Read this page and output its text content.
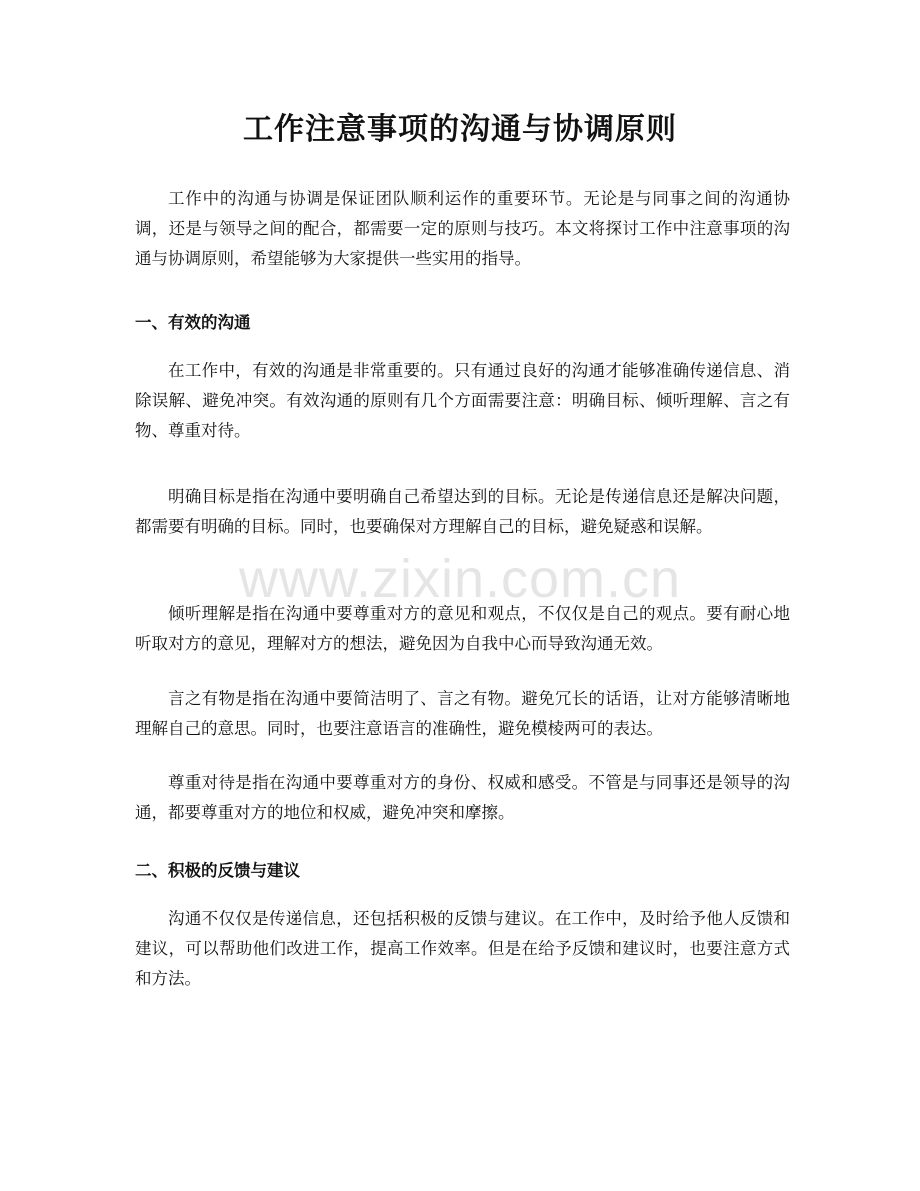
工作注意事项的沟通与协调原则

工作中的沟通与协调是保证团队顺利运作的重要环节。无论是与同事之间的沟通协调，还是与领导之间的配合，都需要一定的原则与技巧。本文将探讨工作中注意事项的沟通与协调原则，希望能够为大家提供一些实用的指导。

一、有效的沟通

在工作中，有效的沟通是非常重要的。只有通过良好的沟通才能够准确传递信息、消除误解、避免冲突。有效沟通的原则有几个方面需要注意：明确目标、倾听理解、言之有物、尊重对待。

明确目标是指在沟通中要明确自己希望达到的目标。无论是传递信息还是解决问题，都需要有明确的目标。同时，也要确保对方理解自己的目标，避免疑惑和误解。

倾听理解是指在沟通中要尊重对方的意见和观点，不仅仅是自己的观点。要有耐心地听取对方的意见，理解对方的想法，避免因为自我中心而导致沟通无效。

言之有物是指在沟通中要简洁明了、言之有物。避免冗长的话语，让对方能够清晰地理解自己的意思。同时，也要注意语言的准确性，避免模棱两可的表达。

尊重对待是指在沟通中要尊重对方的身份、权威和感受。不管是与同事还是领导的沟通，都要尊重对方的地位和权威，避免冲突和摩擦。

二、积极的反馈与建议

沟通不仅仅是传递信息，还包括积极的反馈与建议。在工作中，及时给予他人反馈和建议，可以帮助他们改进工作，提高工作效率。但是在给予反馈和建议时，也要注意方式和方法。

www.zixin.com.cn
